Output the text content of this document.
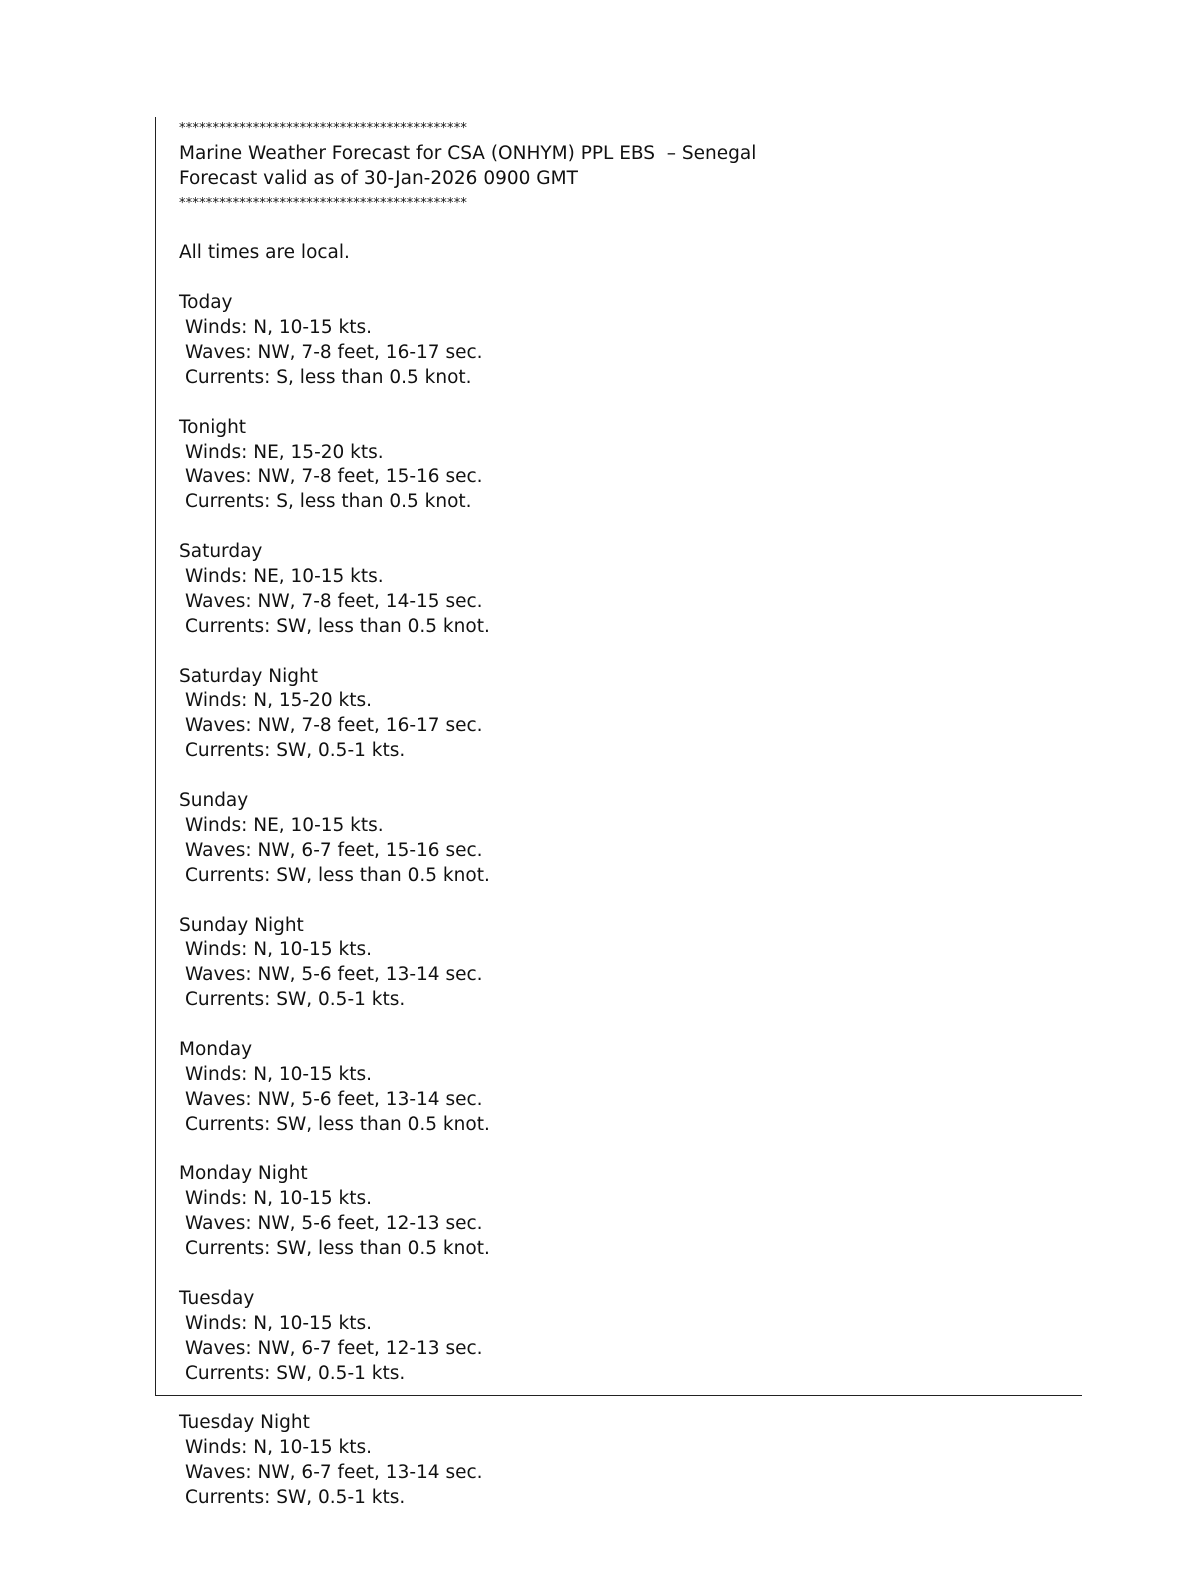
*******************************************
Marine Weather Forecast for CSA (ONHYM) PPL EBS  – Senegal
Forecast valid as of 30-Jan-2026 0900 GMT
*******************************************
All times are local.
Today
Winds: N, 10-15 kts.
Waves: NW, 7-8 feet, 16-17 sec.
Currents: S, less than 0.5 knot.
Tonight
Winds: NE, 15-20 kts.
Waves: NW, 7-8 feet, 15-16 sec.
Currents: S, less than 0.5 knot.
Saturday
Winds: NE, 10-15 kts.
Waves: NW, 7-8 feet, 14-15 sec.
Currents: SW, less than 0.5 knot.
Saturday Night
Winds: N, 15-20 kts.
Waves: NW, 7-8 feet, 16-17 sec.
Currents: SW, 0.5-1 kts.
Sunday
Winds: NE, 10-15 kts.
Waves: NW, 6-7 feet, 15-16 sec.
Currents: SW, less than 0.5 knot.
Sunday Night
Winds: N, 10-15 kts.
Waves: NW, 5-6 feet, 13-14 sec.
Currents: SW, 0.5-1 kts.
Monday
Winds: N, 10-15 kts.
Waves: NW, 5-6 feet, 13-14 sec.
Currents: SW, less than 0.5 knot.
Monday Night
Winds: N, 10-15 kts.
Waves: NW, 5-6 feet, 12-13 sec.
Currents: SW, less than 0.5 knot.
Tuesday
Winds: N, 10-15 kts.
Waves: NW, 6-7 feet, 12-13 sec.
Currents: SW, 0.5-1 kts.
Tuesday Night
Winds: N, 10-15 kts.
Waves: NW, 6-7 feet, 13-14 sec.
Currents: SW, 0.5-1 kts.
